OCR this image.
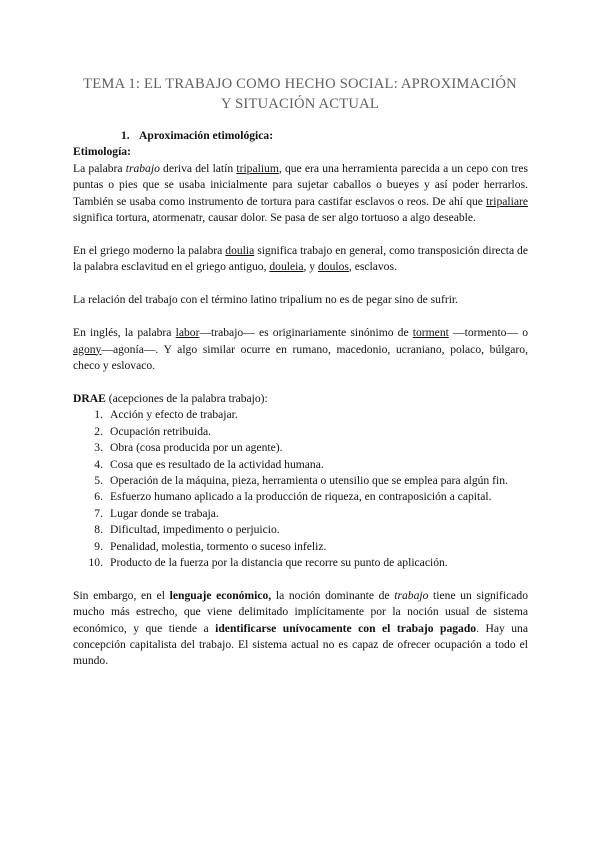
TEMA 1: EL TRABAJO COMO HECHO SOCIAL: APROXIMACIÓN
Y SITUACIÓN ACTUAL
1. Aproximación etimológica:
Etimología:

La palabra trabajo deriva del latín tripalium, que era una herramienta parecida a un cepo con tres puntas o pies que se usaba inicialmente para sujetar caballos o bueyes y así poder herrarlos. También se usaba como instrumento de tortura para castifar esclavos o reos. De ahí que tripaliare significa tortura, atormenatr, causar dolor. Se pasa de ser algo tortuoso a algo deseable.

En el griego moderno la palabra doulia significa trabajo en general, como transposición directa de la palabra esclavitud en el griego antiguo, douleia, y doulos, esclavos.

La relación del trabajo con el término latino tripalium no es de pegar sino de sufrir.

En inglés, la palabra labor—trabajo— es originariamente sinónimo de torment —tormento— o agony—agonía—. Y algo similar ocurre en rumano, macedonio, ucraniano, polaco, búlgaro, checo y eslovaco.

DRAE (acepciones de la palabra trabajo):

1. Acción y efecto de trabajar.
2. Ocupación retribuida.
3. Obra (cosa producida por un agente).
4. Cosa que es resultado de la actividad humana.
5. Operación de la máquina, pieza, herramienta o utensilio que se emplea para algún fin.
6. Esfuerzo humano aplicado a la producción de riqueza, en contraposición a capital.
7. Lugar donde se trabaja.
8. Dificultad, impedimento o perjuicio.
9. Penalidad, molestia, tormento o suceso infeliz.
10. Producto de la fuerza por la distancia que recorre su punto de aplicación.

Sin embargo, en el lenguaje económico, la noción dominante de trabajo tiene un significado mucho más estrecho, que viene delimitado implícitamente por la noción usual de sistema económico, y que tiende a identificarse unívocamente con el trabajo pagado. Hay una concepción capitalista del trabajo. El sistema actual no es capaz de ofrecer ocupación a todo el mundo.
